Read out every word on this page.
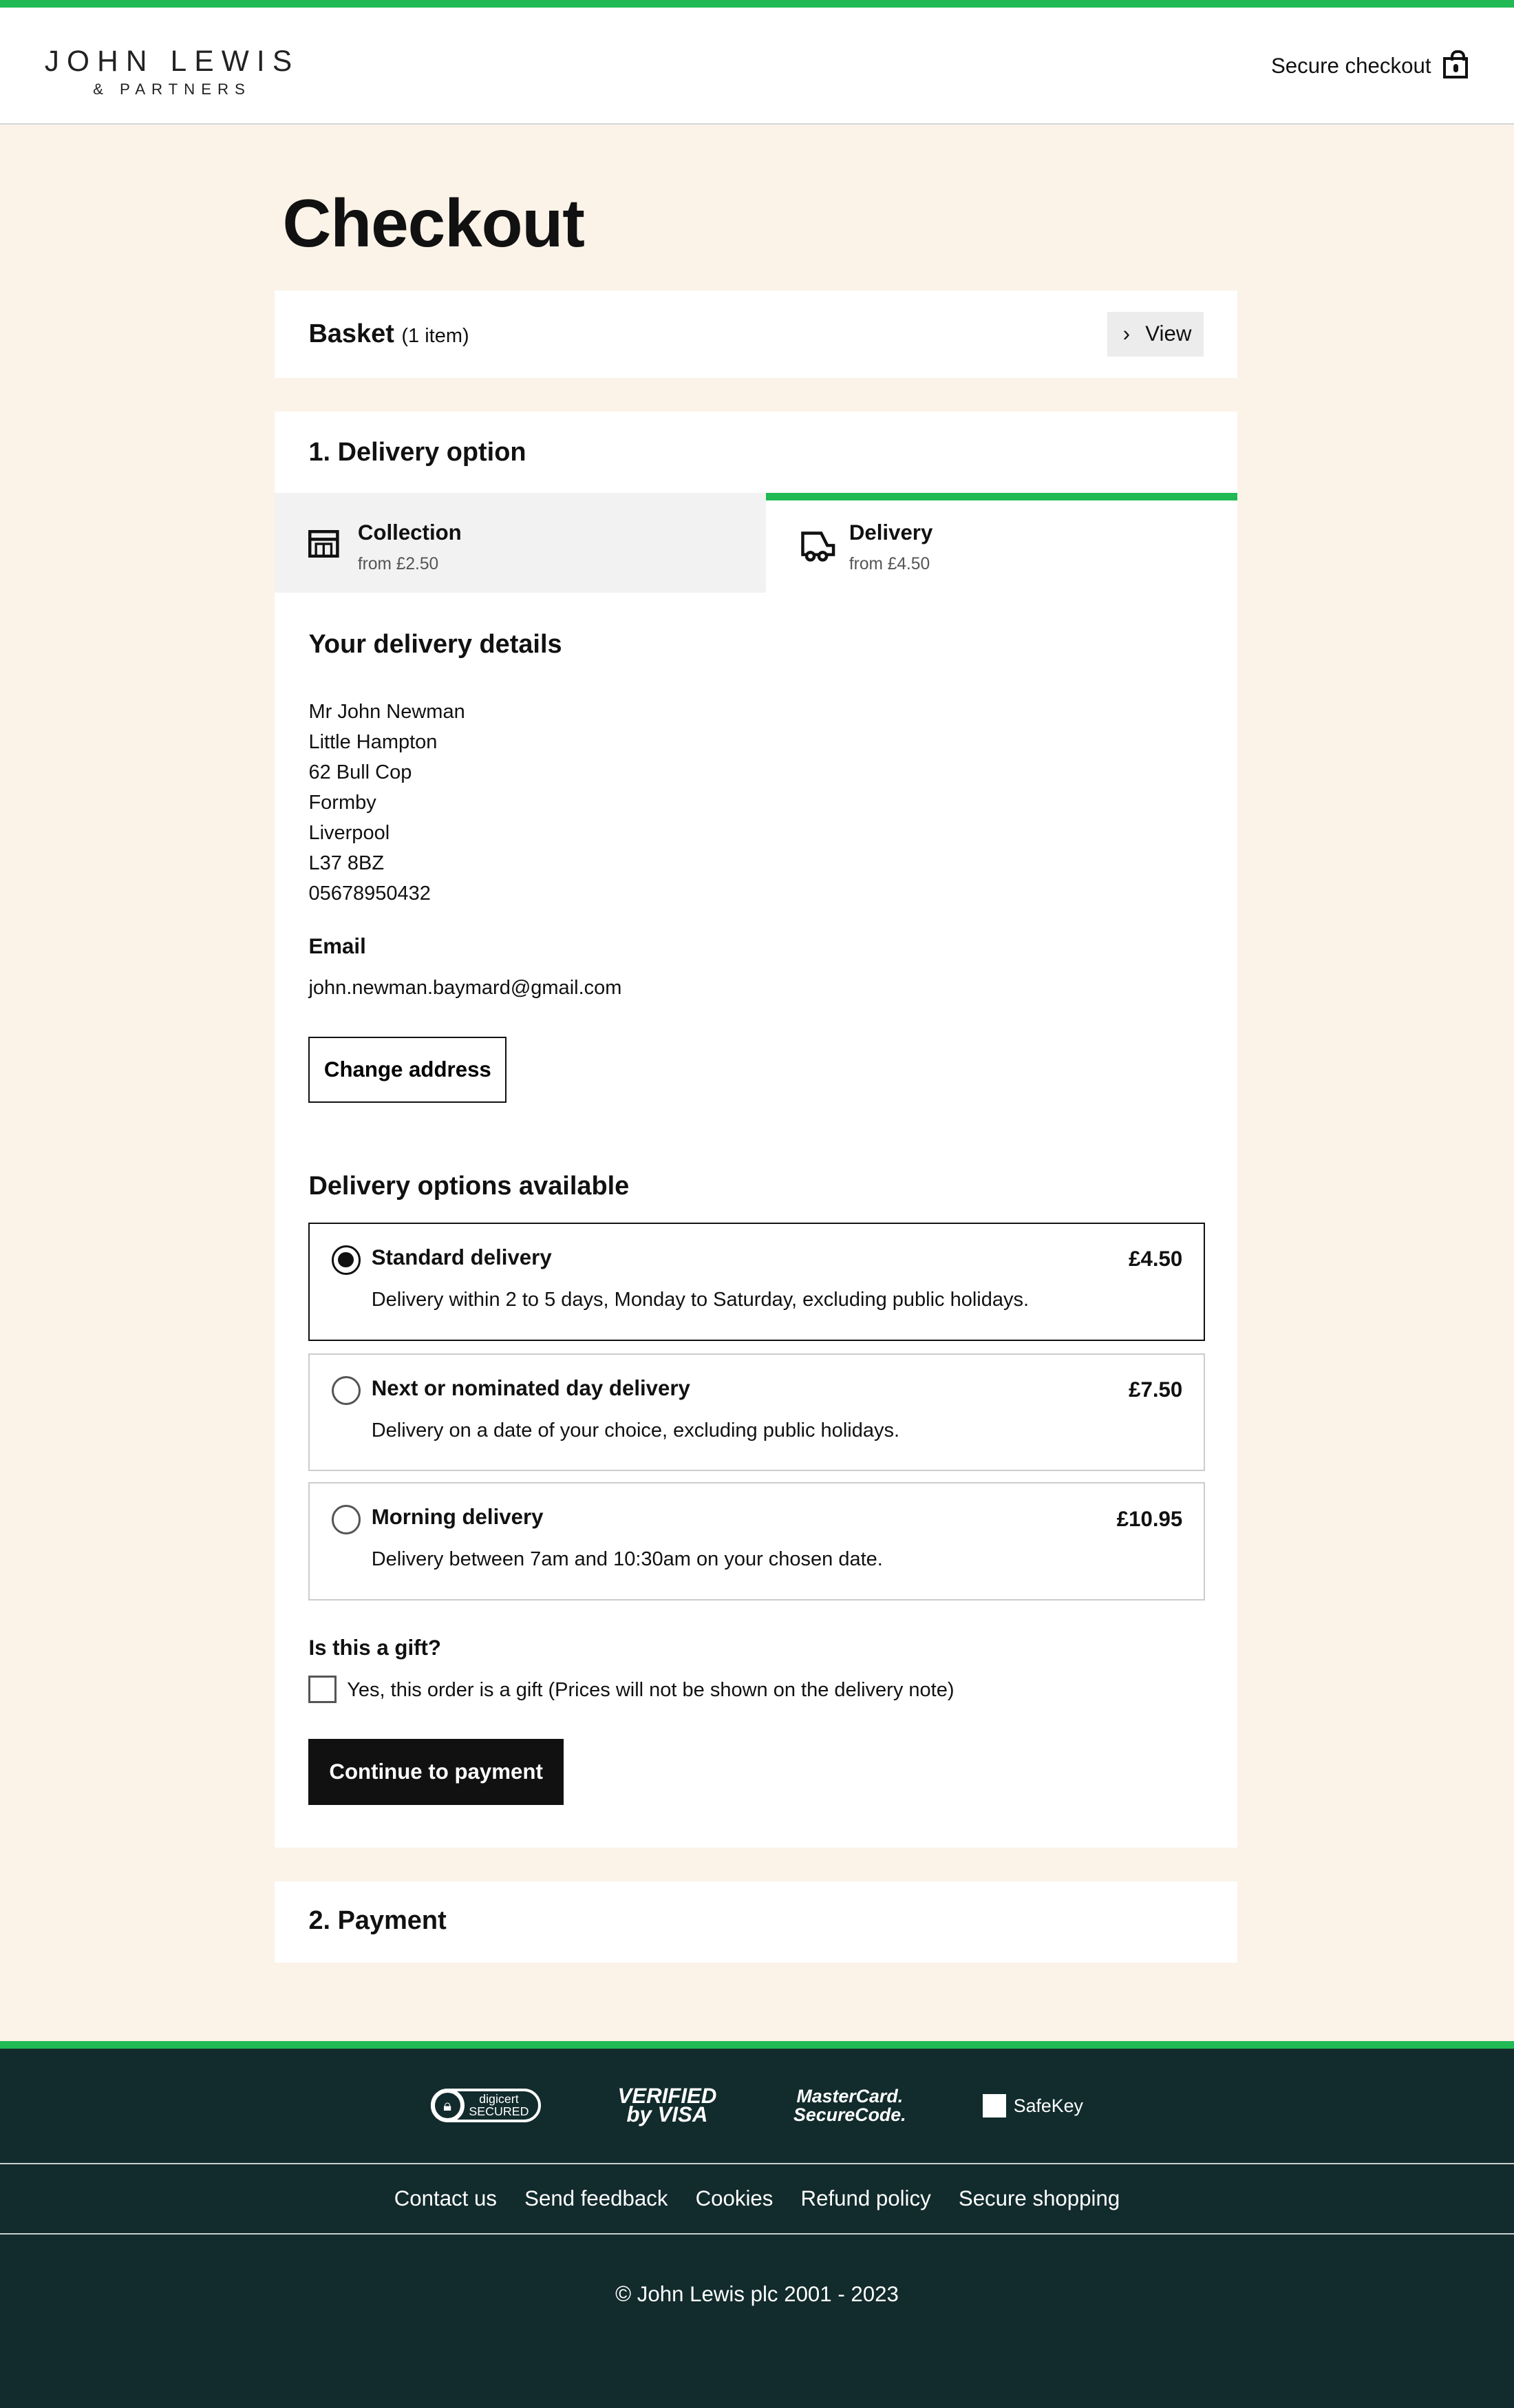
JOHN LEWIS
& PARTNERS
Secure checkout
Checkout
Basket (1 item)	› View
1. Delivery option
Collection
from £2.50
Delivery
from £4.50
Your delivery details
Mr John Newman
Little Hampton
62 Bull Cop
Formby
Liverpool
L37 8BZ
05678950432
Email
john.newman.baymard@gmail.com
Change address
Delivery options available
Standard delivery	£4.50
Delivery within 2 to 5 days, Monday to Saturday, excluding public holidays.
Next or nominated day delivery	£7.50
Delivery on a date of your choice, excluding public holidays.
Morning delivery	£10.95
Delivery between 7am and 10:30am on your chosen date.
Is this a gift?
Yes, this order is a gift (Prices will not be shown on the delivery note)
Continue to payment
2. Payment
🔒︎	digicert
SECURED
VERIFIED
by VISA
MasterCard.
SecureCode.	SafeKey
Contact us	Send feedback	Cookies	Refund policy	Secure shopping
© John Lewis plc 2001 - 2023
